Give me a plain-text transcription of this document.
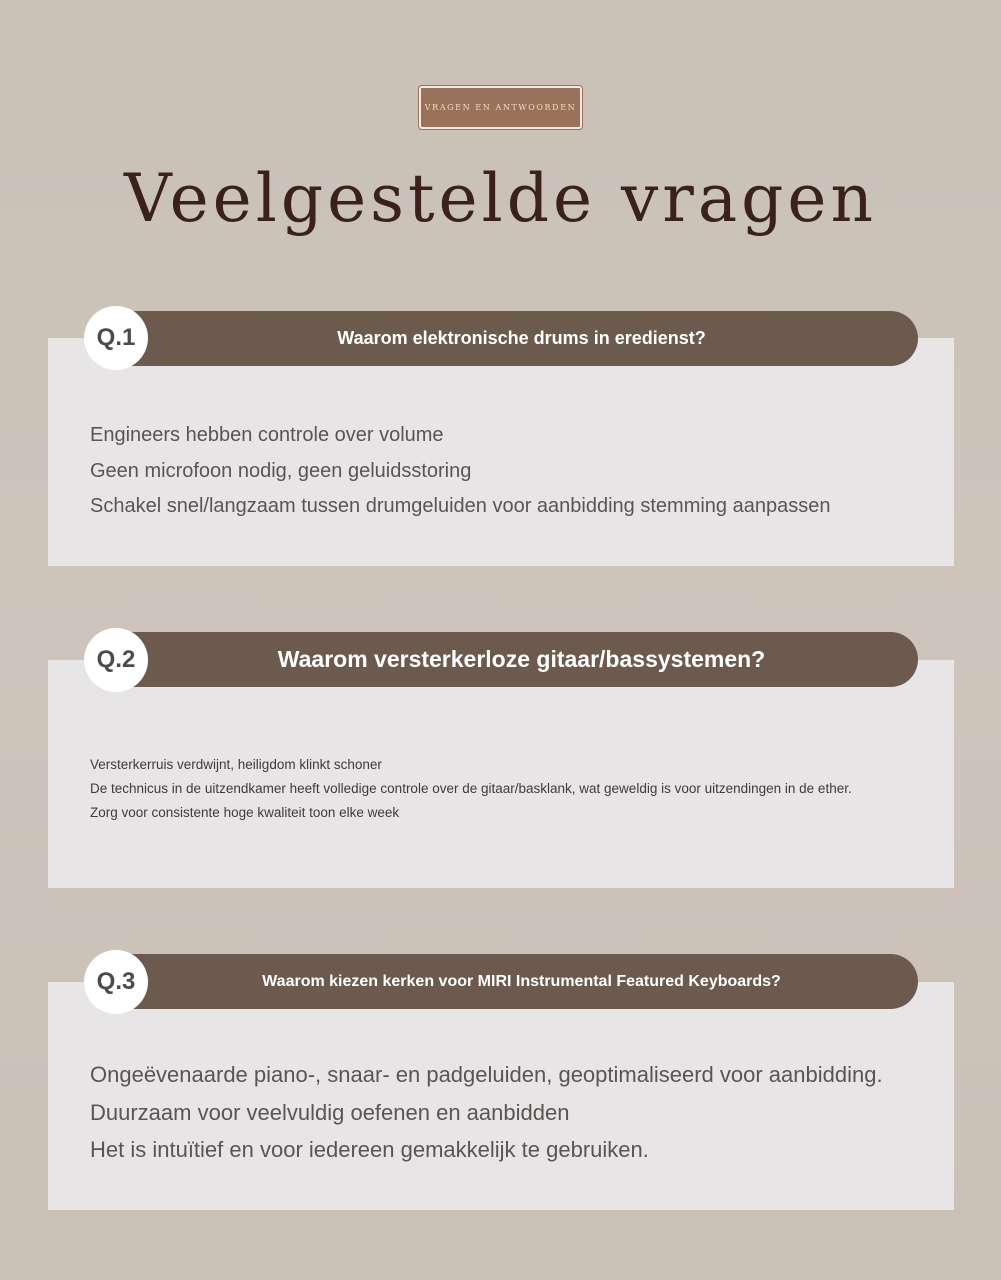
VRAGEN EN ANTWOORDEN
Veelgestelde vragen
Waarom elektronische drums in eredienst?
Q.1
Engineers hebben controle over volume
Geen microfoon nodig, geen geluidsstoring
Schakel snel/langzaam tussen drumgeluiden voor aanbidding stemming aanpassen
Waarom versterkerloze gitaar/bassystemen?
Q.2
Versterkerruis verdwijnt, heiligdom klinkt schoner
De technicus in de uitzendkamer heeft volledige controle over de gitaar/basklank, wat geweldig is voor uitzendingen in de ether.
Zorg voor consistente hoge kwaliteit toon elke week
Waarom kiezen kerken voor MIRI Instrumental Featured Keyboards?
Q.3
Ongeëvenaarde piano-, snaar- en padgeluiden, geoptimaliseerd voor aanbidding.
Duurzaam voor veelvuldig oefenen en aanbidden
Het is intuïtief en voor iedereen gemakkelijk te gebruiken.
